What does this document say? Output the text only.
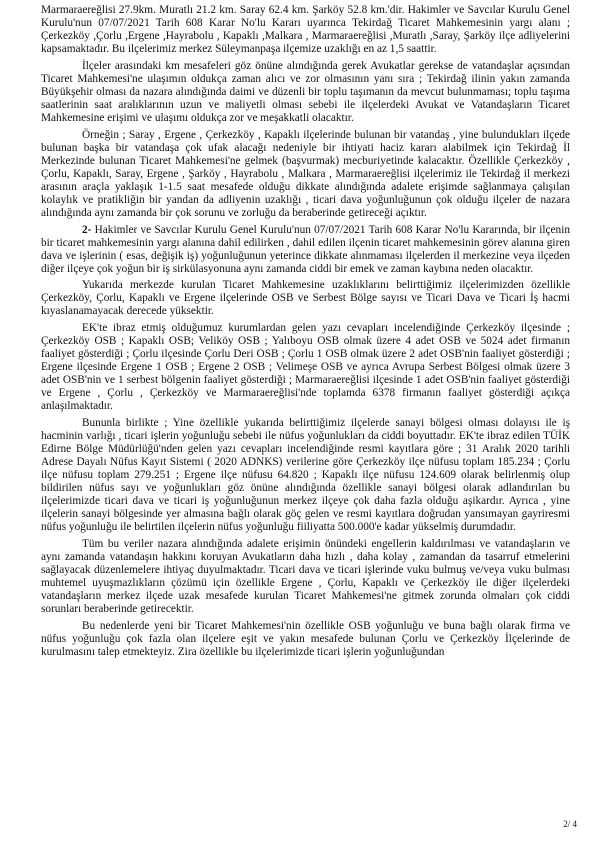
Marmaraereğlisi 27.9km. Muratlı 21.2 km. Saray 62.4 km. Şarköy 52.8 km.'dir. Hakimler ve Savcılar Kurulu Genel Kurulu'nun 07/07/2021 Tarih 608 Karar No'lu Kararı uyarınca Tekirdağ Ticaret Mahkemesinin yargı alanı ; Çerkezköy ,Çorlu ,Ergene ,Hayrabolu , Kapaklı ,Malkara , Marmaraereğlisi ,Muratlı ,Saray, Şarköy ilçe adliyelerini kapsamaktadır. Bu ilçelerimiz merkez Süleymanpaşa ilçemize uzaklığı en az 1,5 saattir.

İlçeler arasındaki km mesafeleri göz önüne alındığında gerek Avukatlar gerekse de vatandaşlar açısından Ticaret Mahkemesi'ne ulaşımın oldukça zaman alıcı ve zor olmasının yanı sıra ; Tekirdağ ilinin yakın zamanda Büyükşehir olması da nazara alındığında daimi ve düzenli bir toplu taşımanın da mevcut bulunmaması; toplu taşıma saatlerinin saat aralıklarının uzun ve maliyetli olması sebebi ile ilçelerdeki Avukat ve Vatandaşların Ticaret Mahkemesine erişimi ve ulaşımı oldukça zor ve meşakkatli olacaktır.

Örneğin ; Saray , Ergene , Çerkezköy , Kapaklı ilçelerinde bulunan bir vatandaş , yine bulundukları ilçede bulunan başka bir vatandaşa çok ufak alacağı nedeniyle bir ihtiyati haciz kararı alabilmek için Tekirdağ İl Merkezinde bulunan Ticaret Mahkemesi'ne gelmek (başvurmak) mecburiyetinde kalacaktır. Özellikle Çerkezköy , Çorlu, Kapaklı, Saray, Ergene , Şarköy , Hayrabolu , Malkara , Marmaraereğlisi ilçelerimiz ile Tekirdağ il merkezi arasının araçla yaklaşık 1-1.5 saat mesafede olduğu dikkate alındığında adalete erişimde sağlanmaya çalışılan kolaylık ve pratikliğin bir yandan da adliyenin uzaklığı , ticari dava yoğunluğunun çok olduğu ilçeler de nazara alındığında aynı zamanda bir çok sorunu ve zorluğu da beraberinde getireceği açıktır.

2- Hakimler ve Savcılar Kurulu Genel Kurulu'nun 07/07/2021 Tarih 608 Karar No'lu Kararında, bir ilçenin bir ticaret mahkemesinin yargı alanına dahil edilirken , dahil edilen ilçenin ticaret mahkemesinin görev alanına giren dava ve işlerinin ( esas, değişik iş) yoğunluğunun yeterince dikkate alınmaması ilçelerden il merkezine veya ilçeden diğer ilçeye çok yoğun bir iş sirkülasyonuna aynı zamanda ciddi bir emek ve zaman kaybına neden olacaktır.

Yukarıda merkezde kurulan Ticaret Mahkemesine uzaklıklarını belirttiğimiz ilçelerimizden özellikle Çerkezköy, Çorlu, Kapaklı ve Ergene ilçelerinde OSB ve Serbest Bölge sayısı ve Ticari Dava ve Ticari İş hacmi kıyaslanamayacak derecede yüksektir.

EK'te ibraz etmiş olduğumuz kurumlardan gelen yazı cevapları incelendiğinde Çerkezköy ilçesinde ; Çerkezköy OSB ; Kapaklı OSB; Veliköy OSB ; Yalıboyu OSB olmak üzere 4 adet OSB ve 5024 adet firmanın faaliyet gösterdiği ; Çorlu ilçesinde Çorlu Deri OSB ; Çorlu 1 OSB olmak üzere 2 adet OSB'nin faaliyet gösterdiği ; Ergene ilçesinde Ergene 1 OSB ; Ergene 2 OSB ; Velimeşe OSB ve ayrıca Avrupa Serbest Bölgesi olmak üzere 3 adet OSB'nin ve 1 serbest bölgenin faaliyet gösterdiği ; Marmaraereğlisi ilçesinde 1 adet OSB'nin faaliyet gösterdiği ve Ergene , Çorlu , Çerkezköy ve Marmaraereğlisi'nde toplamda 6378 firmanın faaliyet gösterdiği açıkça anlaşılmaktadır.

Bununla birlikte ; Yine özellikle yukarıda belirttiğimiz ilçelerde sanayi bölgesi olması dolayısı ile iş hacminin varlığı , ticari işlerin yoğunluğu sebebi ile nüfus yoğunlukları da ciddi boyuttadır. EK'te ibraz edilen TÜİK Edirne Bölge Müdürlüğü'nden gelen yazı cevapları incelendiğinde resmi kayıtlara göre ; 31 Aralık 2020 tarihli Adrese Dayalı Nüfus Kayıt Sistemi ( 2020 ADNKS) verilerine göre Çerkezköy ilçe nüfusu toplam 185.234 ; Çorlu ilçe nüfusu toplam 279.251 ; Ergene ilçe nüfusu 64.820 ; Kapaklı ilçe nüfusu 124.609 olarak belirlenmiş olup bildirilen nüfus sayı ve yoğunlukları göz önüne alındığında özellikle sanayi bölgesi olarak adlandırılan bu ilçelerimizde ticari dava ve ticari iş yoğunluğunun merkez ilçeye çok daha fazla olduğu aşikardır. Ayrıca , yine ilçelerin sanayi bölgesinde yer almasına bağlı olarak göç gelen ve resmi kayıtlara doğrudan yansımayan gayriresmi nüfus yoğunluğu ile belirtilen ilçelerin nüfus yoğunluğu fiiliyatta 500.000'e kadar yükselmiş durumdadır.

Tüm bu veriler nazara alındığında adalete erişimin önündeki engellerin kaldırılması ve vatandaşların ve aynı zamanda vatandaşın hakkını koruyan Avukatların daha hızlı , daha kolay , zamandan da tasarruf etmelerini sağlayacak düzenlemelere ihtiyaç duyulmaktadır. Ticari dava ve ticari işlerinde vuku bulmuş ve/veya vuku bulması muhtemel uyuşmazlıkların çözümü için özellikle Ergene , Çorlu, Kapaklı ve Çerkezköy ile diğer ilçelerdeki vatandaşların merkez ilçede uzak mesafede kurulan Ticaret Mahkemesi'ne gitmek zorunda olmaları çok ciddi sorunları beraberinde getirecektir.

Bu nedenlerde yeni bir Ticaret Mahkemesi'nin özellikle OSB yoğunluğu ve buna bağlı olarak firma ve nüfus yoğunluğu çok fazla olan ilçelere eşit ve yakın mesafede bulunan Çorlu ve Çerkezköy İlçelerinde de kurulmasını talep etmekteyiz. Zira özellikle bu ilçelerimizde ticari işlerin yoğunluğundan

2/ 4
